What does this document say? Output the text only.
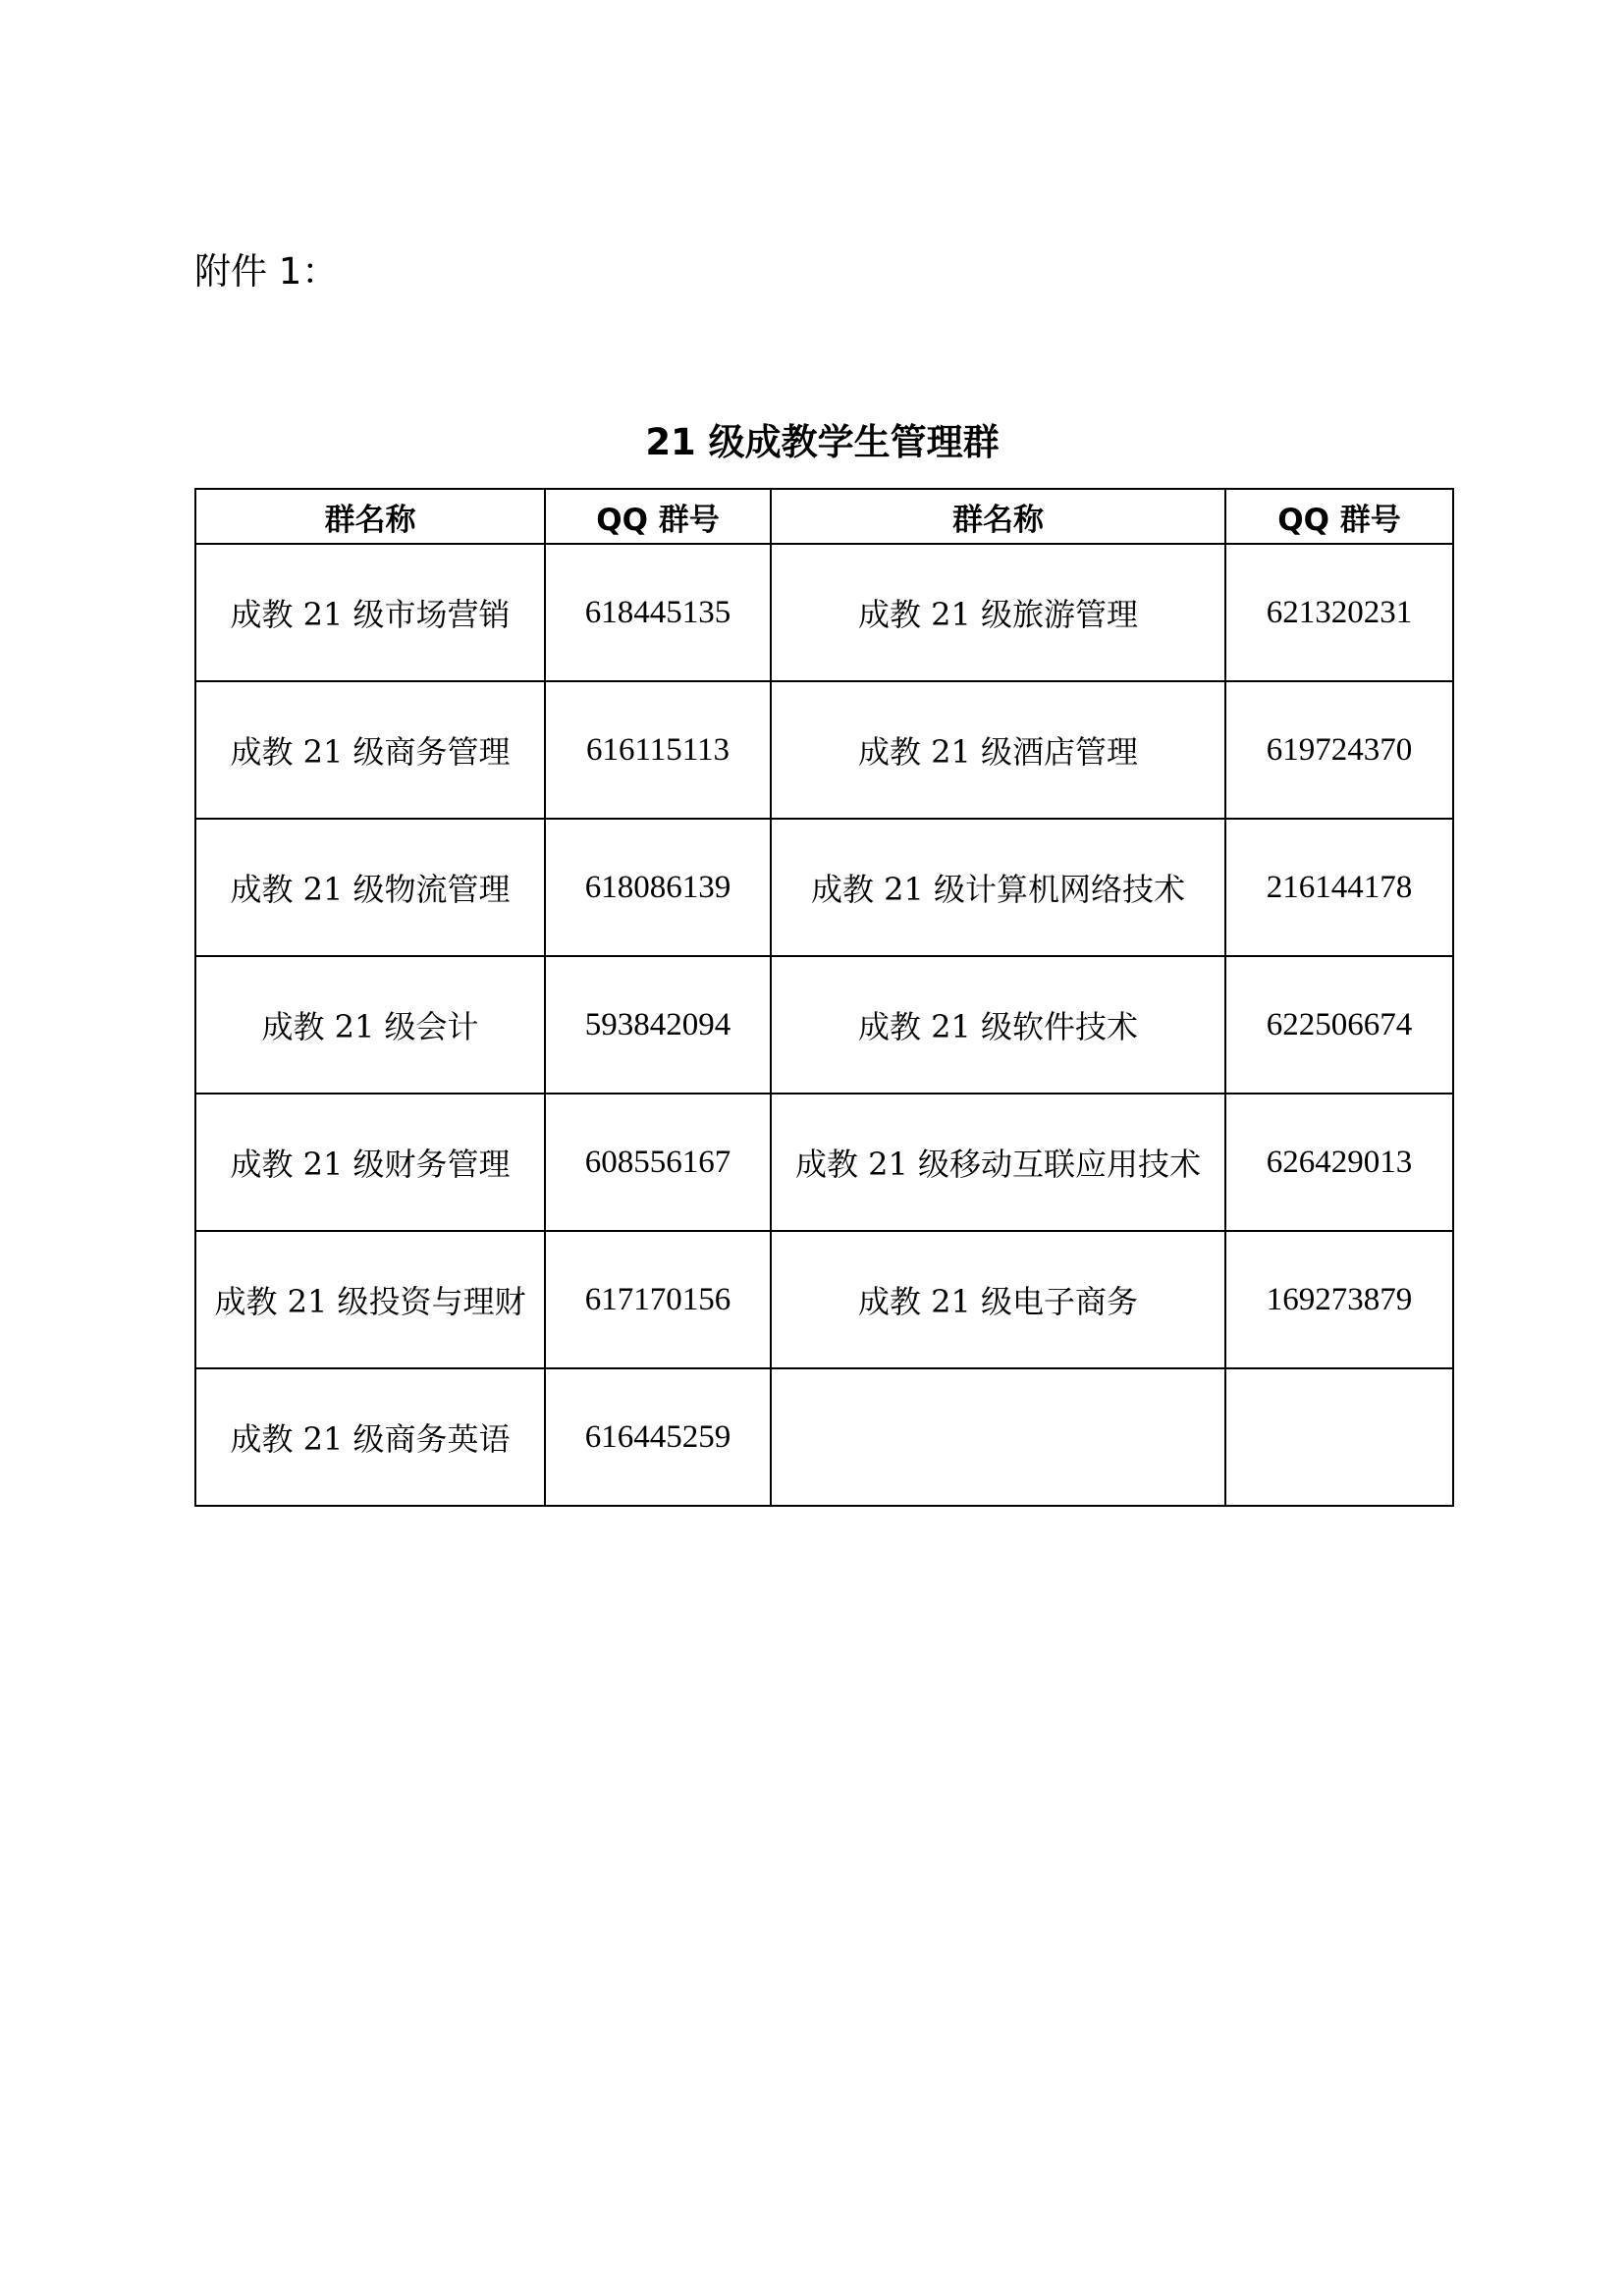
附件 1：
21 级成教学生管理群
群名称	QQ 群号	群名称	QQ 群号
成教 21 级市场营销	618445135	成教 21 级旅游管理	621320231
成教 21 级商务管理	616115113	成教 21 级酒店管理	619724370
成教 21 级物流管理	618086139	成教 21 级计算机网络技术	216144178
成教 21 级会计	593842094	成教 21 级软件技术	622506674
成教 21 级财务管理	608556167	成教 21 级移动互联应用技术	626429013
成教 21 级投资与理财	617170156	成教 21 级电子商务	169273879
成教 21 级商务英语	616445259		
